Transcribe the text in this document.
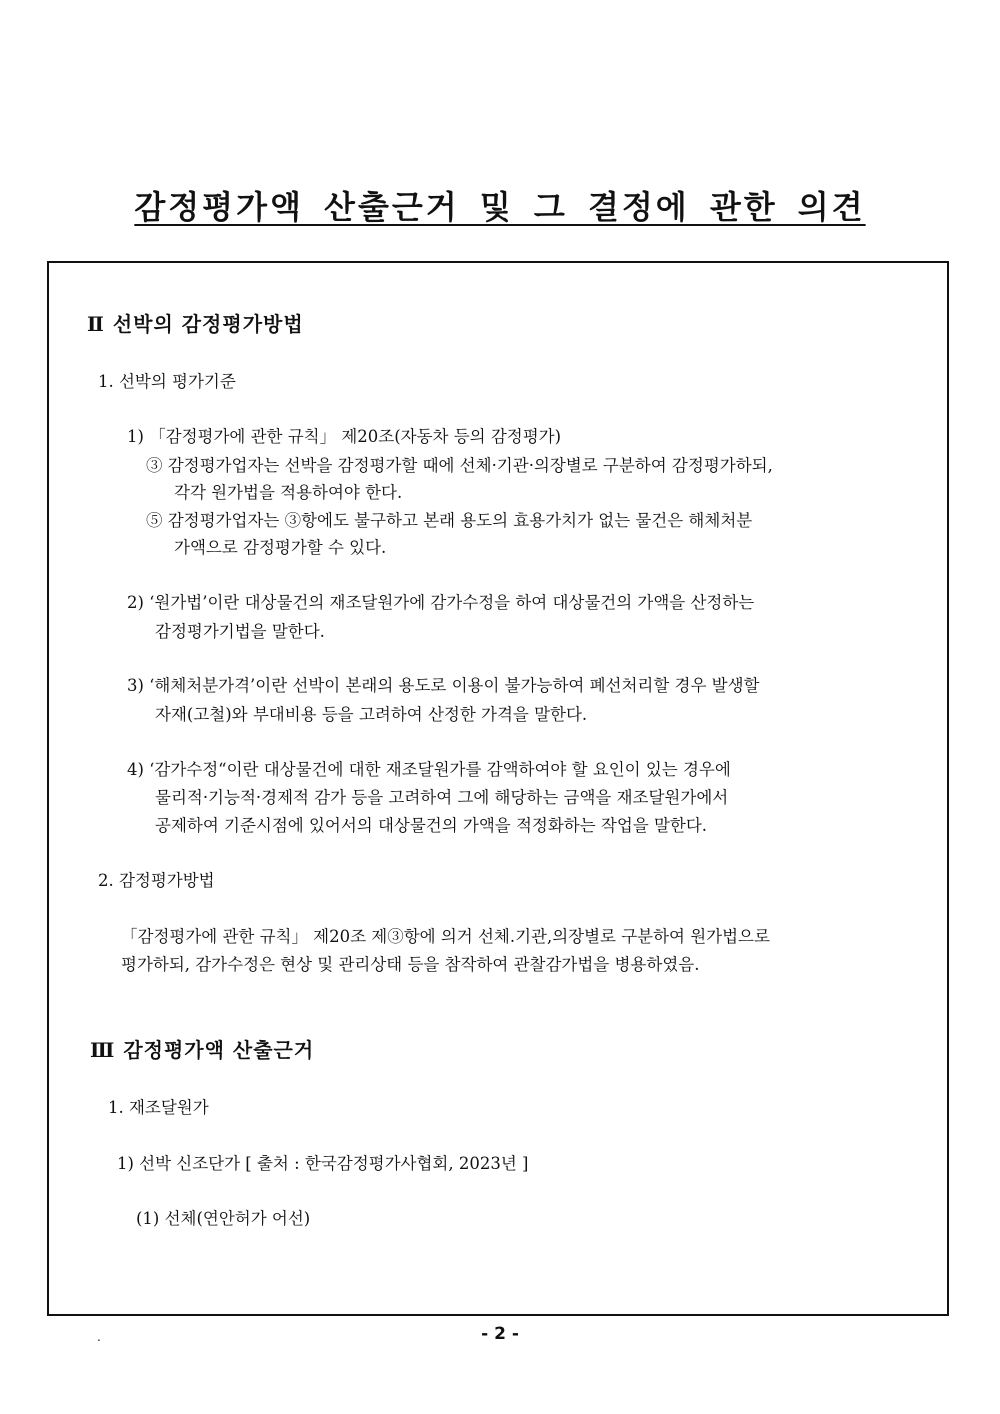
감정평가액 산출근거 및 그 결정에 관한 의견
Ⅱ 선박의 감정평가방법
1. 선박의 평가기준
1) 「감정평가에 관한 규칙」 제20조(자동차 등의 감정평가)
③ 감정평가업자는 선박을 감정평가할 때에 선체·기관·의장별로 구분하여 감정평가하되,
각각 원가법을 적용하여야 한다.
⑤ 감정평가업자는 ③항에도 불구하고 본래 용도의 효용가치가 없는 물건은 해체처분
가액으로 감정평가할 수 있다.
2) ‘원가법’이란 대상물건의 재조달원가에 감가수정을 하여 대상물건의 가액을 산정하는
감정평가기법을 말한다.
3) ‘해체처분가격’이란 선박이 본래의 용도로 이용이 불가능하여 폐선처리할 경우 발생할
자재(고철)와 부대비용 등을 고려하여 산정한 가격을 말한다.
4) ‘감가수정“이란 대상물건에 대한 재조달원가를 감액하여야 할 요인이 있는 경우에
물리적·기능적·경제적 감가 등을 고려하여 그에 해당하는 금액을 재조달원가에서
공제하여 기준시점에 있어서의 대상물건의 가액을 적정화하는 작업을 말한다.
2. 감정평가방법
「감정평가에 관한 규칙」 제20조 제③항에 의거 선체.기관,의장별로 구분하여 원가법으로
평가하되, 감가수정은 현상 및 관리상태 등을 참작하여 관찰감가법을 병용하였음.
Ⅲ 감정평가액 산출근거
1. 재조달원가
1) 선박 신조단가 [ 출처 : 한국감정평가사협회, 2023년 ]
(1) 선체(연안허가 어선)
- 2 -
.
